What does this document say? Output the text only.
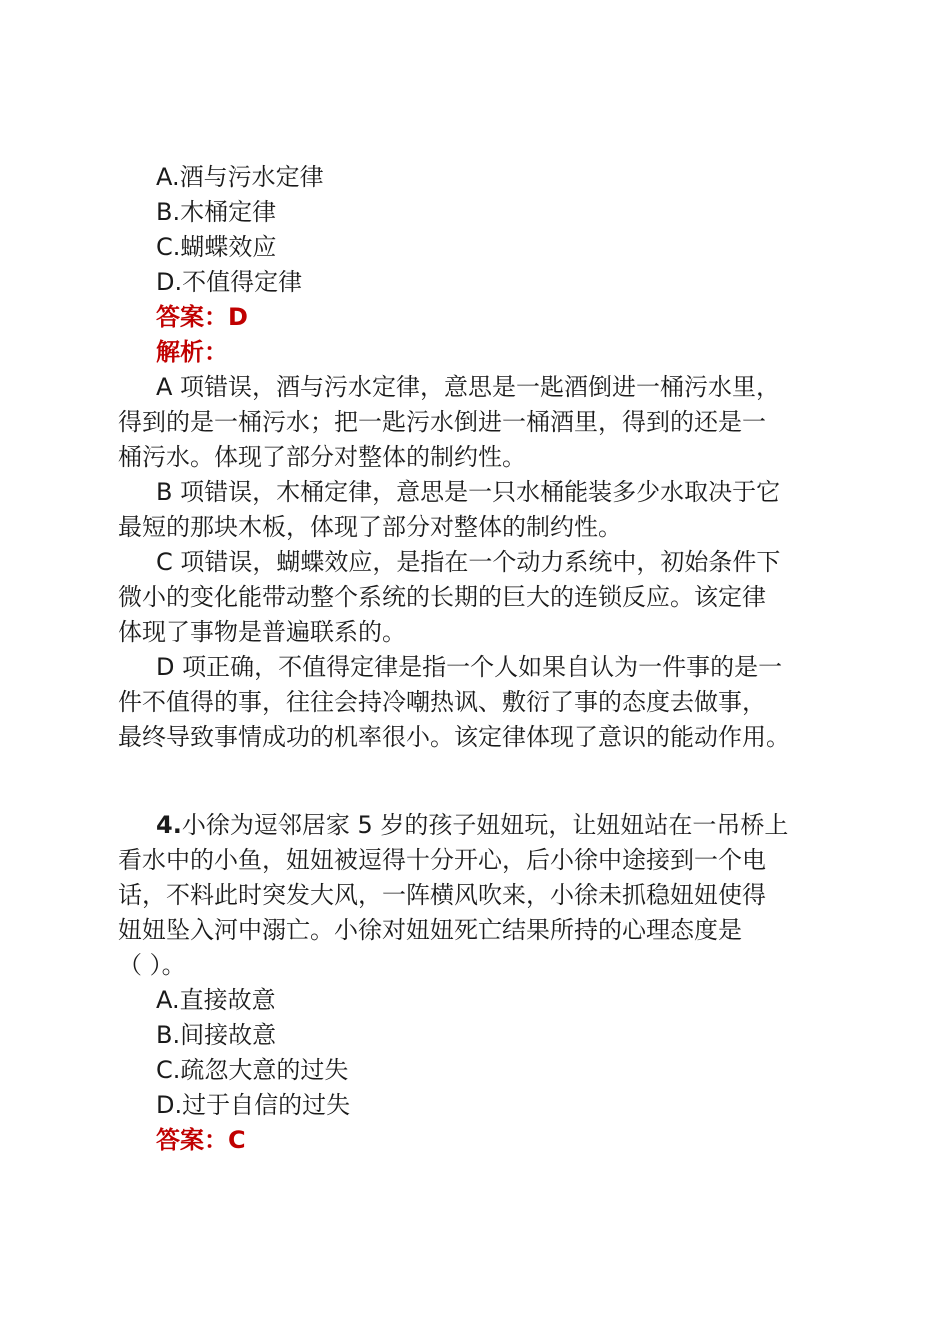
A.酒与污水定律
B.木桶定律
C.蝴蝶效应
D.不值得定律
答案：D
解析：
A 项错误，酒与污水定律，意思是一匙酒倒进一桶污水里，
得到的是一桶污水；把一匙污水倒进一桶酒里，得到的还是一
桶污水。体现了部分对整体的制约性。
B 项错误，木桶定律，意思是一只水桶能装多少水取决于它
最短的那块木板，体现了部分对整体的制约性。
C 项错误，蝴蝶效应，是指在一个动力系统中，初始条件下
微小的变化能带动整个系统的长期的巨大的连锁反应。该定律
体现了事物是普遍联系的。
D 项正确，不值得定律是指一个人如果自认为一件事的是一
件不值得的事，往往会持冷嘲热讽、敷衍了事的态度去做事，
最终导致事情成功的机率很小。该定律体现了意识的能动作用。
4.小徐为逗邻居家 5 岁的孩子妞妞玩，让妞妞站在一吊桥上
看水中的小鱼，妞妞被逗得十分开心，后小徐中途接到一个电
话，不料此时突发大风，一阵横风吹来，小徐未抓稳妞妞使得
妞妞坠入河中溺亡。小徐对妞妞死亡结果所持的心理态度是
（ ）。
A.直接故意
B.间接故意
C.疏忽大意的过失
D.过于自信的过失
答案：C
